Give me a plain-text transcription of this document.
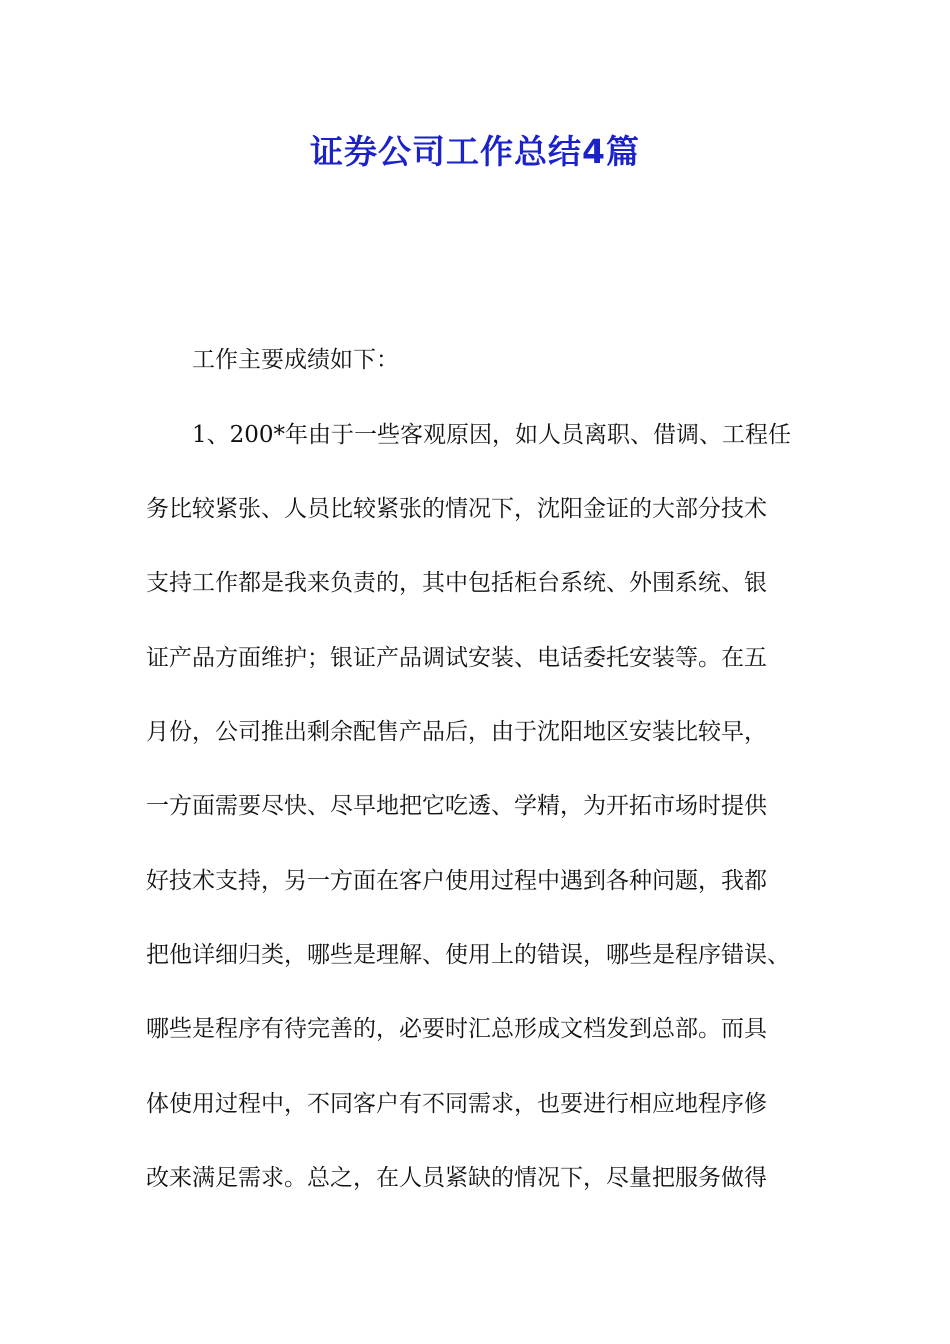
证券公司工作总结4篇
工作主要成绩如下：
1、200*年由于一些客观原因，如人员离职、借调、工程任
务比较紧张、人员比较紧张的情况下，沈阳金证的大部分技术
支持工作都是我来负责的，其中包括柜台系统、外围系统、银
证产品方面维护；银证产品调试安装、电话委托安装等。在五
月份，公司推出剩余配售产品后，由于沈阳地区安装比较早，
一方面需要尽快、尽早地把它吃透、学精，为开拓市场时提供
好技术支持，另一方面在客户使用过程中遇到各种问题，我都
把他详细归类，哪些是理解、使用上的错误，哪些是程序错误、
哪些是程序有待完善的，必要时汇总形成文档发到总部。而具
体使用过程中，不同客户有不同需求，也要进行相应地程序修
改来满足需求。总之，在人员紧缺的情况下，尽量把服务做得
